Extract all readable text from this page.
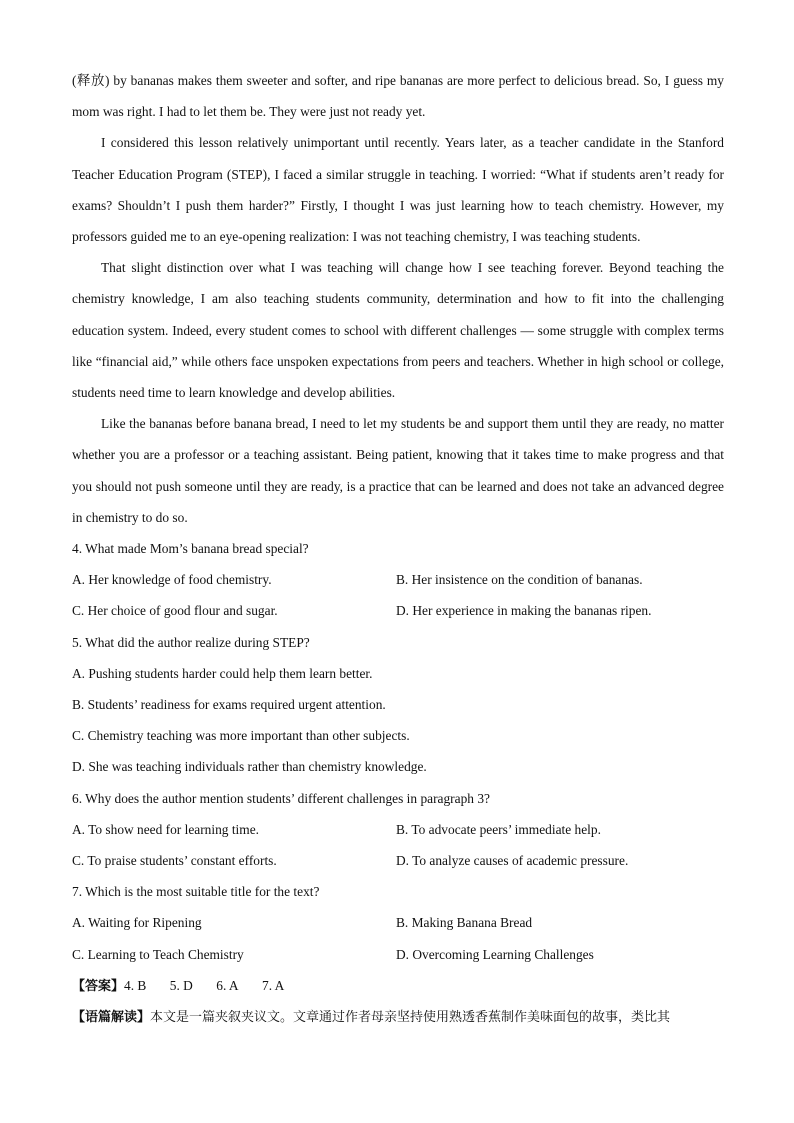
(释放) by bananas makes them sweeter and softer, and ripe bananas are more perfect to delicious bread. So, I guess my mom was right. I had to let them be. They were just not ready yet.

I considered this lesson relatively unimportant until recently. Years later, as a teacher candidate in the Stanford Teacher Education Program (STEP), I faced a similar struggle in teaching. I worried: “What if students aren’t ready for exams? Shouldn’t I push them harder?” Firstly, I thought I was just learning how to teach chemistry. However, my professors guided me to an eye-opening realization: I was not teaching chemistry, I was teaching students.

That slight distinction over what I was teaching will change how I see teaching forever. Beyond teaching the chemistry knowledge, I am also teaching students community, determination and how to fit into the challenging education system. Indeed, every student comes to school with different challenges — some struggle with complex terms like “financial aid,” while others face unspoken expectations from peers and teachers. Whether in high school or college, students need time to learn knowledge and develop abilities.

Like the bananas before banana bread, I need to let my students be and support them until they are ready, no matter whether you are a professor or a teaching assistant. Being patient, knowing that it takes time to make progress and that you should not push someone until they are ready, is a practice that can be learned and does not take an advanced degree in chemistry to do so.

4. What made Mom’s banana bread special?

A. Her knowledge of food chemistry.

C. Her choice of good flour and sugar.

B. Her insistence on the condition of bananas.

D. Her experience in making the bananas ripen.

5. What did the author realize during STEP?

A. Pushing students harder could help them learn better.

B. Students’ readiness for exams required urgent attention.

C. Chemistry teaching was more important than other subjects.

D. She was teaching individuals rather than chemistry knowledge.

6. Why does the author mention students’ different challenges in paragraph 3?

A. To show need for learning time.

C. To praise students’ constant efforts.

B. To advocate peers’ immediate help.

D. To analyze causes of academic pressure.

7. Which is the most suitable title for the text?

A. Waiting for Ripening

C. Learning to Teach Chemistry

B. Making Banana Bread

D. Overcoming Learning Challenges

【答案】4. B       5. D       6. A       7. A

【语篇解读】本文是一篇夹叙夹议文。文章通过作者母亲坚持使用熟透香蕉制作美味面包的故事，类比其
